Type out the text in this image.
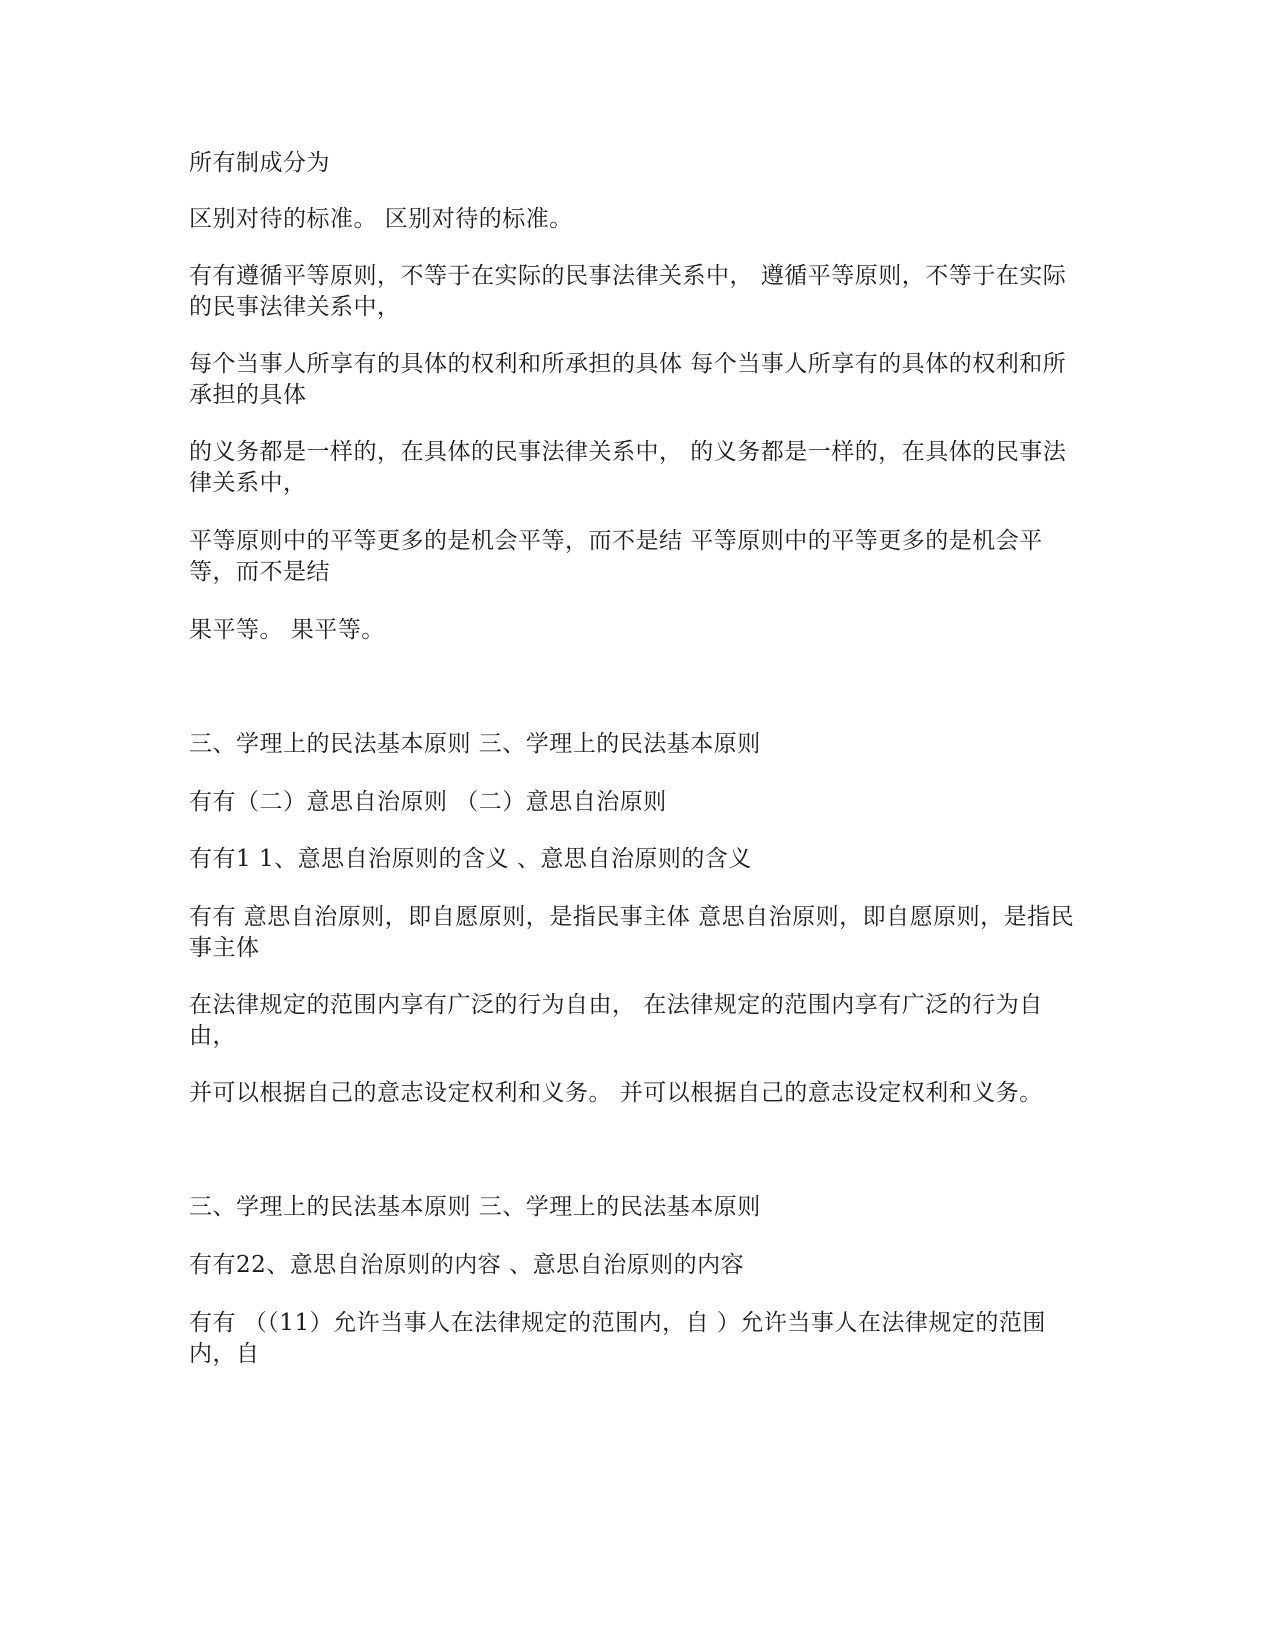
所有制成分为

区别对待的标准。 区别对待的标准。

有有遵循平等原则，不等于在实际的民事法律关系中， 遵循平等原则，不等于在实际的民事法律关系中，

每个当事人所享有的具体的权利和所承担的具体 每个当事人所享有的具体的权利和所承担的具体

的义务都是一样的，在具体的民事法律关系中， 的义务都是一样的，在具体的民事法律关系中，

平等原则中的平等更多的是机会平等，而不是结 平等原则中的平等更多的是机会平等，而不是结

果平等。 果平等。

三、学理上的民法基本原则 三、学理上的民法基本原则

有有（二）意思自治原则 （二）意思自治原则

有有1 1、意思自治原则的含义 、意思自治原则的含义

有有 意思自治原则，即自愿原则，是指民事主体 意思自治原则，即自愿原则，是指民事主体

在法律规定的范围内享有广泛的行为自由， 在法律规定的范围内享有广泛的行为自由，

并可以根据自己的意志设定权利和义务。 并可以根据自己的意志设定权利和义务。

三、学理上的民法基本原则 三、学理上的民法基本原则

有有22、意思自治原则的内容 、意思自治原则的内容

有有 （（11）允许当事人在法律规定的范围内，自 ）允许当事人在法律规定的范围内，自
